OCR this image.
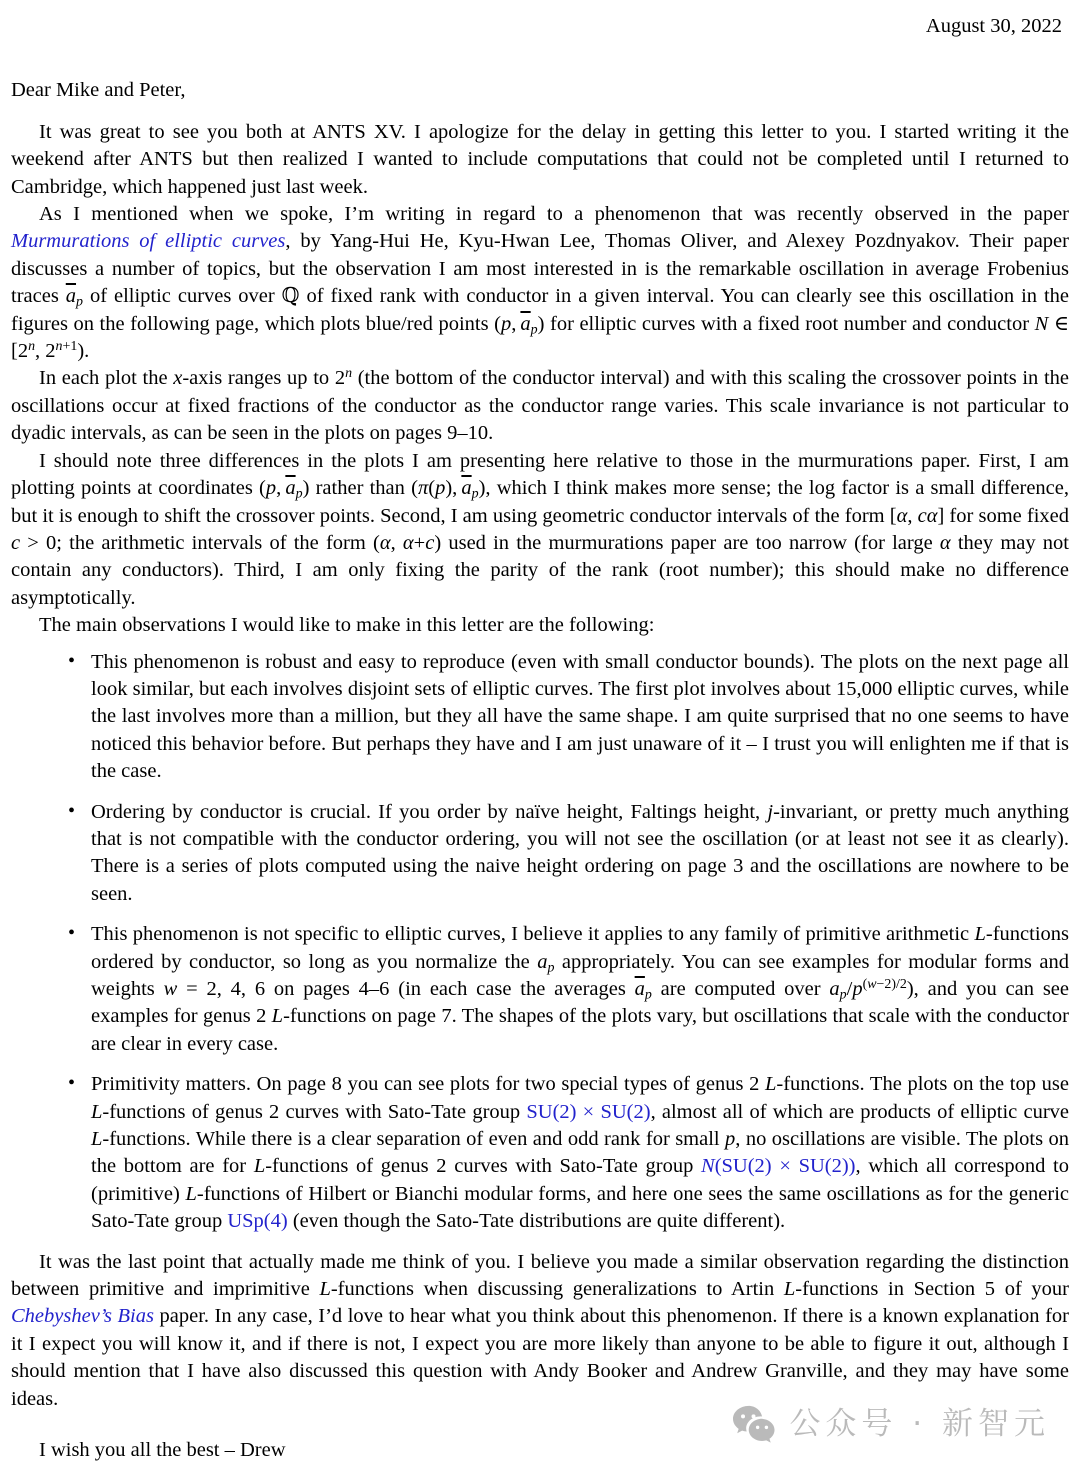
August 30, 2022

Dear Mike and Peter,

It was great to see you both at ANTS XV. I apologize for the delay in getting this letter to you. I started writing it the weekend after ANTS but then realized I wanted to include computations that could not be completed until I returned to Cambridge, which happened just last week.

As I mentioned when we spoke, I’m writing in regard to a phenomenon that was recently observed in the paper Murmurations of elliptic curves, by Yang-Hui He, Kyu-Hwan Lee, Thomas Oliver, and Alexey Pozdnyakov. Their paper discusses a number of topics, but the observation I am most interested in is the remarkable oscillation in average Frobenius traces $\overline{a}_p$ of elliptic curves over ℚ of fixed rank with conductor in a given interval. You can clearly see this oscillation in the figures on the following page, which plots blue/red points (p, $\overline{a}_p$) for elliptic curves with a fixed root number and conductor N ∈ [2$^n$, $2^{n+1}$).

In each plot the x-axis ranges up to 2$^n$ (the bottom of the conductor interval) and with this scaling the crossover points in the oscillations occur at fixed fractions of the conductor as the conductor range varies. This scale invariance is not particular to dyadic intervals, as can be seen in the plots on pages 9–10.

I should note three differences in the plots I am presenting here relative to those in the murmurations paper. First, I am plotting points at coordinates (p, $\overline{a}_p$) rather than (π(p), $\overline{a}_p$), which I think makes more sense; the log factor is a small difference, but it is enough to shift the crossover points. Second, I am using geometric conductor intervals of the form [α, cα] for some fixed c > 0; the arithmetic intervals of the form (α, α+c) used in the murmurations paper are too narrow (for large α they may not contain any conductors). Third, I am only fixing the parity of the rank (root number); this should make no difference asymptotically.

The main observations I would like to make in this letter are the following:

• This phenomenon is robust and easy to reproduce (even with small conductor bounds). The plots on the next page all look similar, but each involves disjoint sets of elliptic curves. The first plot involves about 15,000 elliptic curves, while the last involves more than a million, but they all have the same shape. I am quite surprised that no one seems to have noticed this behavior before. But perhaps they have and I am just unaware of it – I trust you will enlighten me if that is the case.
• Ordering by conductor is crucial. If you order by naïve height, Faltings height, j-invariant, or pretty much anything that is not compatible with the conductor ordering, you will not see the oscillation (or at least not see it as clearly). There is a series of plots computed using the naive height ordering on page 3 and the oscillations are nowhere to be seen.
• This phenomenon is not specific to elliptic curves, I believe it applies to any family of primitive arithmetic L-functions ordered by conductor, so long as you normalize the $a_p$ appropriately. You can see examples for modular forms and weights w = 2, 4, 6 on pages 4–6 (in each case the averages $\overline{a}_p$ are computed over $a_p/p^{(w-2)/2}$), and you can see examples for genus 2 L-functions on page 7. The shapes of the plots vary, but oscillations that scale with the conductor are clear in every case.
• Primitivity matters. On page 8 you can see plots for two special types of genus 2 L-functions. The plots on the top use L-functions of genus 2 curves with Sato-Tate group SU(2) × SU(2), almost all of which are products of elliptic curve L-functions. While there is a clear separation of even and odd rank for small p, no oscillations are visible. The plots on the bottom are for L-functions of genus 2 curves with Sato-Tate group N(SU(2) × SU(2)), which all correspond to (primitive) L-functions of Hilbert or Bianchi modular forms, and here one sees the same oscillations as for the generic Sato-Tate group USp(4) (even though the Sato-Tate distributions are quite different).

It was the last point that actually made me think of you. I believe you made a similar observation regarding the distinction between primitive and imprimitive L-functions when discussing generalizations to Artin L-functions in Section 5 of your Chebyshev’s Bias paper. In any case, I’d love to hear what you think about this phenomenon. If there is a known explanation for it I expect you will know it, and if there is not, I expect you are more likely than anyone to be able to figure it out, although I should mention that I have also discussed this question with Andy Booker and Andrew Granville, and they may have some ideas.

I wish you all the best – Drew

公众号 · 新智元
